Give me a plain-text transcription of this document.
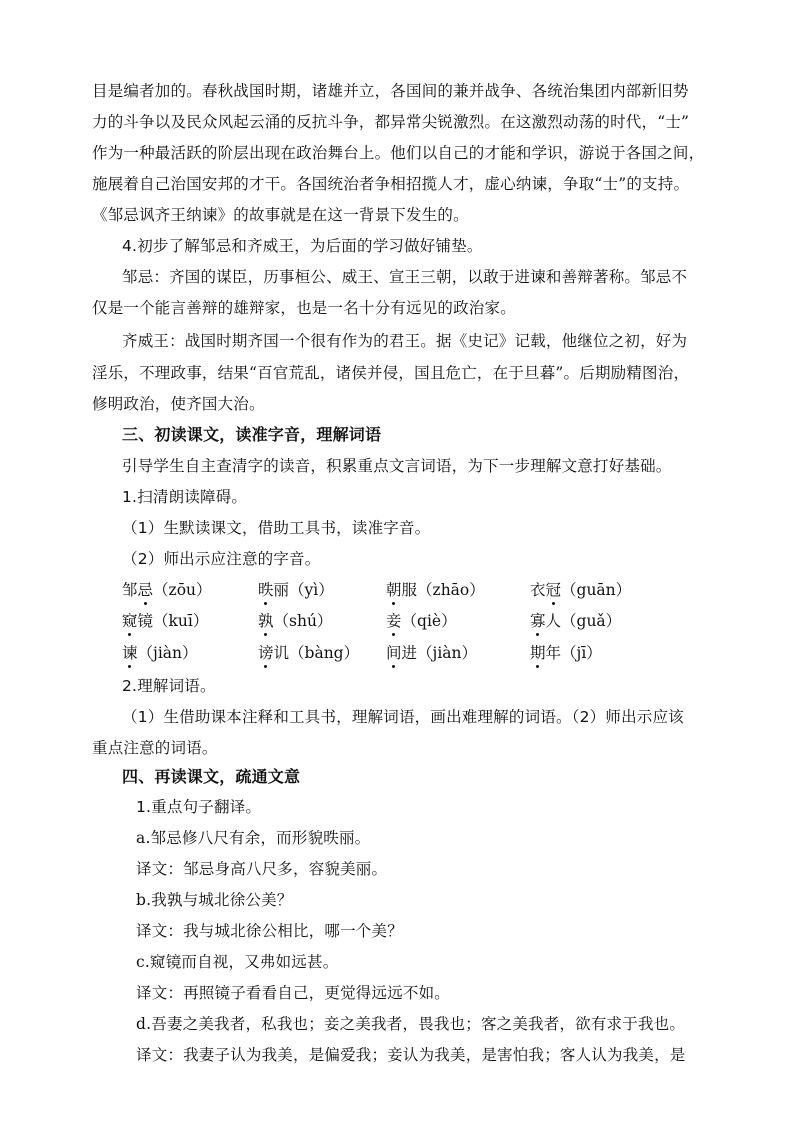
目是编者加的。春秋战国时期，诸雄并立，各国间的兼并战争、各统治集团内部新旧势
力的斗争以及民众风起云涌的反抗斗争，都异常尖锐激烈。在这激烈动荡的时代，“士”
作为一种最活跃的阶层出现在政治舞台上。他们以自己的才能和学识，游说于各国之间，
施展着自己治国安邦的才干。各国统治者争相招揽人才，虚心纳谏，争取“士”的支持。
《邹忌讽齐王纳谏》的故事就是在这一背景下发生的。
4.初步了解邹忌和齐威王，为后面的学习做好铺垫。
邹忌：齐国的谋臣，历事桓公、威王、宣王三朝，以敢于进谏和善辩著称。邹忌不
仅是一个能言善辩的雄辩家，也是一名十分有远见的政治家。
齐威王：战国时期齐国一个很有作为的君王。据《史记》记载，他继位之初，好为
淫乐，不理政事，结果“百官荒乱，诸侯并侵，国且危亡，在于旦暮”。后期励精图治，
修明政治，使齐国大治。
三、初读课文，读准字音，理解词语
引导学生自主查清字的读音，积累重点文言词语，为下一步理解文意打好基础。
1.扫清朗读障碍。
（1）生默读课文，借助工具书，读准字音。
（2）师出示应注意的字音。
邹忌（zōu）	昳丽（yì）	朝服（zhāo）	衣冠（guān）
窥镜（kuī）	孰（shú）	妾（qiè）	寡人（guǎ）
谏（jiàn）	谤讥（bàng） 间进（jiàn）	期年（jī）
2.理解词语。
（1）生借助课本注释和工具书，理解词语，画出难理解的词语。（2）师出示应该
重点注意的词语。
四、再读课文，疏通文意
1.重点句子翻译。
a.邹忌修八尺有余，而形貌昳丽。
译文：邹忌身高八尺多，容貌美丽。
b.我孰与城北徐公美？
译文：我与城北徐公相比，哪一个美？
c.窥镜而自视，又弗如远甚。
译文：再照镜子看看自己，更觉得远远不如。
d.吾妻之美我者，私我也；妾之美我者，畏我也；客之美我者，欲有求于我也。
译文：我妻子认为我美，是偏爱我；妾认为我美，是害怕我；客人认为我美，是
